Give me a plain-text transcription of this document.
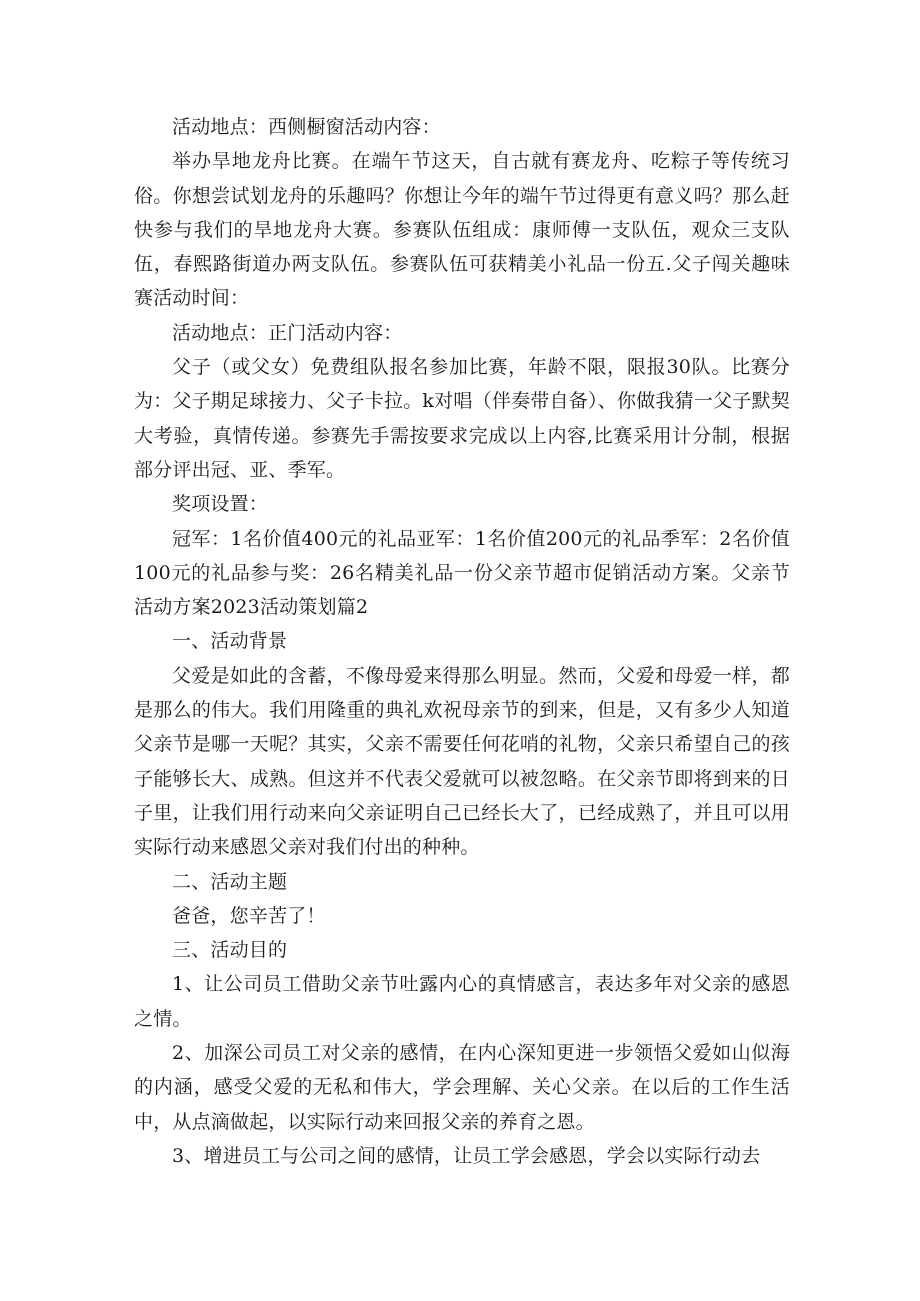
活动地点：西侧橱窗活动内容：

举办旱地龙舟比赛。在端午节这天，自古就有赛龙舟、吃粽子等传统习俗。你想尝试划龙舟的乐趣吗？你想让今年的端午节过得更有意义吗？那么赶快参与我们的旱地龙舟大赛。参赛队伍组成：康师傅一支队伍，观众三支队伍，春熙路街道办两支队伍。参赛队伍可获精美小礼品一份五.父子闯关趣味赛活动时间：

活动地点：正门活动内容：

父子（或父女）免费组队报名参加比赛，年龄不限，限报30队。比赛分为：父子期足球接力、父子卡拉。k对唱（伴奏带自备）、你做我猜一父子默契大考验，真情传递。参赛先手需按要求完成以上内容,比赛采用计分制，根据部分评出冠、亚、季军。

奖项设置：

冠军：1名价值400元的礼品亚军：1名价值200元的礼品季军：2名价值100元的礼品参与奖：26名精美礼品一份父亲节超市促销活动方案。父亲节活动方案2023活动策划篇2

一、活动背景

父爱是如此的含蓄，不像母爱来得那么明显。然而，父爱和母爱一样，都是那么的伟大。我们用隆重的典礼欢祝母亲节的到来，但是，又有多少人知道父亲节是哪一天呢？其实，父亲不需要任何花哨的礼物，父亲只希望自己的孩子能够长大、成熟。但这并不代表父爱就可以被忽略。在父亲节即将到来的日子里，让我们用行动来向父亲证明自己已经长大了，已经成熟了，并且可以用实际行动来感恩父亲对我们付出的种种。

二、活动主题

爸爸，您辛苦了！

三、活动目的

1、让公司员工借助父亲节吐露内心的真情感言，表达多年对父亲的感恩之情。

2、加深公司员工对父亲的感情，在内心深知更进一步领悟父爱如山似海的内涵，感受父爱的无私和伟大，学会理解、关心父亲。在以后的工作生活中，从点滴做起，以实际行动来回报父亲的养育之恩。

3、增进员工与公司之间的感情，让员工学会感恩，学会以实际行动去
